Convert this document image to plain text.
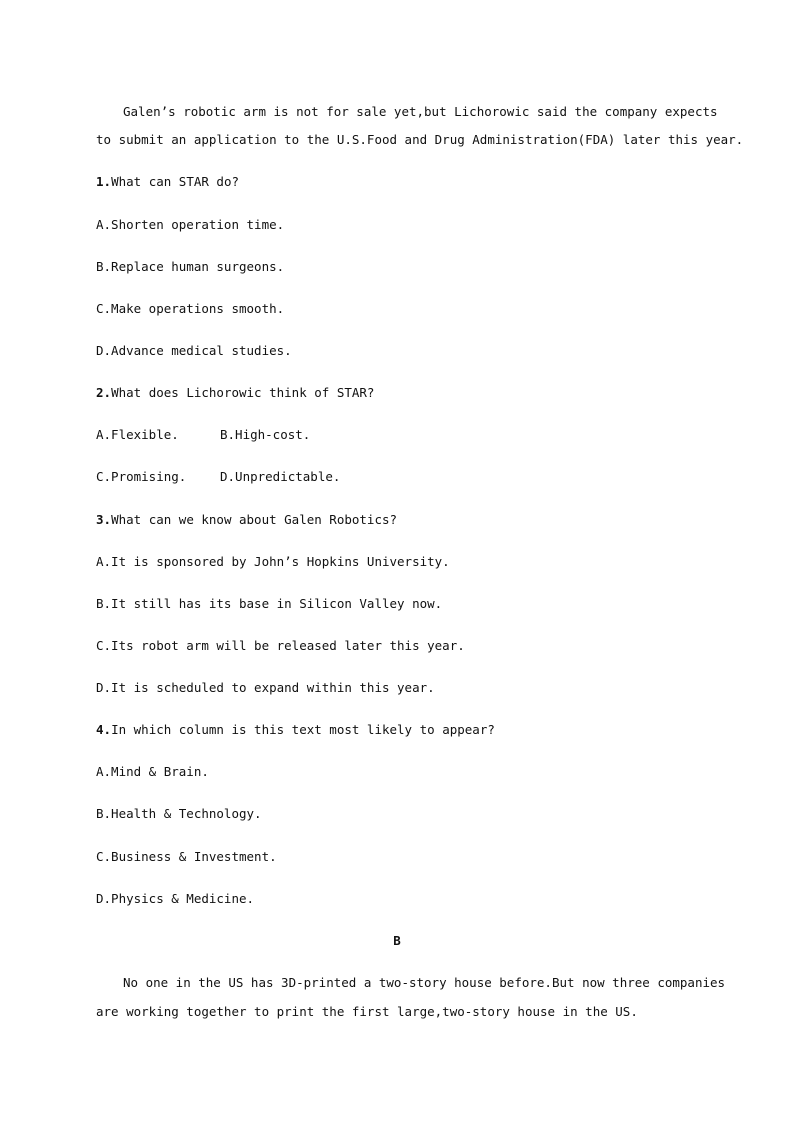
Galen’s robotic arm is not for sale yet,but Lichorowic said the company expects
to submit an application to the U.S.Food and Drug Administration(FDA) later this year.
1.What can STAR do?
A.Shorten operation time.
B.Replace human surgeons.
C.Make operations smooth.
D.Advance medical studies.
2.What does Lichorowic think of STAR?
A.Flexible.	B.High-cost.
C.Promising.	D.Unpredictable.
3.What can we know about Galen Robotics?
A.It is sponsored by John’s Hopkins University.
B.It still has its base in Silicon Valley now.
C.Its robot arm will be released later this year.
D.It is scheduled to expand within this year.
4.In which column is this text most likely to appear?
A.Mind & Brain.
B.Health & Technology.
C.Business & Investment.
D.Physics & Medicine.
B
No one in the US has 3D-printed a two-story house before.But now three companies
are working together to print the first large,two-story house in the US.
